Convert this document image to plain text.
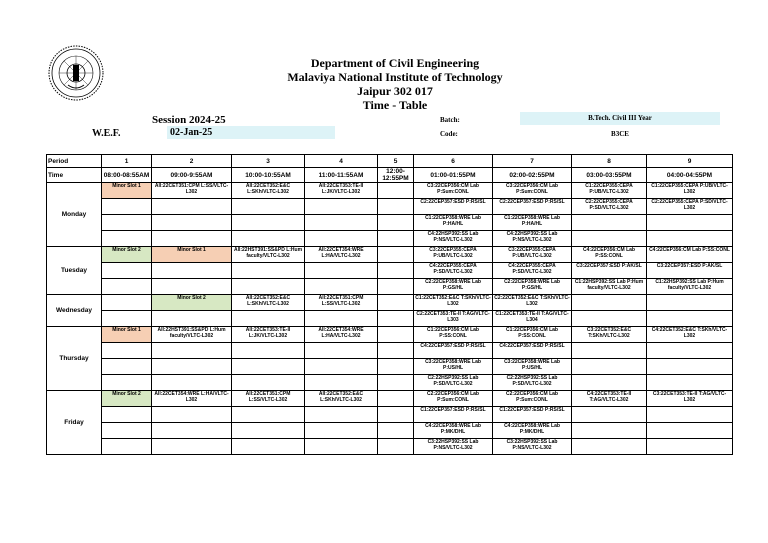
Department of Civil Engineering
Malaviya National Institute of Technology
Jaipur 302 017
Time - Table
Session 2024-25
W.E.F.	02-Jan-25
Batch:	B.Tech. Civil III Year
Code:	B3CE
Period	1	2	3	4	5	6	7	8	9
Time	08:00-08:55AM	09:00-9:55AM	10:00-10:55AM	11:00-11:55AM	12:00-12:55PM	01:00-01:55PM	02:00-02:55PM	03:00-03:55PM	04:00-04:55PM
Monday	Minor Slot 1	All:22CET351:CPM L:SS/VLTC-L302	All:22CET352:E&C L:SKh/VLTC-L302	All:22CET353:TE-II L:JK/VLTC-L302		C3:22CEP356:CM Lab P:Sum:CONL	C3:22CEP356:CM Lab P:Sum:CONL	C1:22CEP355:CEPA P:UB/VLTC-L302	C1:22CEP355:CEPA P:UB/VLTC-L302
						C2:22CEP357:ESD P:RS/SL	C2:22CEP357:ESD P:RS/SL	C2:22CEP355:CEPA P:SD/VLTC-L302	C2:22CEP355:CEPA P:SD/VLTC-L302
						C1:22CEP358:WRE Lab P:HA/HL	C1:22CEP358:WRE Lab P:HA/HL		
						C4:22HSP392:SS Lab P:NS/VLTC-L302	C4:22HSP392:SS Lab P:NS/VLTC-L302		
Tuesday	Minor Slot 2	Minor Slot 1	All:22HST391:SS&PD L:Hum faculty/VLTC-L302	All:22CET354:WRE L:HA/VLTC-L302		C3:22CEP355:CEPA P:UB/VLTC-L302	C3:22CEP355:CEPA P:UB/VLTC-L302	C4:22CEP356:CM Lab P:SS:CONL	C4:22CEP356:CM Lab P:SS:CONL
						C4:22CEP355:CEPA P:SD/VLTC-L302	C4:22CEP355:CEPA P:SD/VLTC-L302	C3:22CEP357:ESD P:AK/SL	C3:22CEP357:ESD P:AK/SL
						C2:22CEP358:WRE Lab P:GS/HL	C2:22CEP358:WRE Lab P:GS/HL	C1:22HSP392:SS Lab P:Hum faculty/VLTC-L302	C1:22HSP392:SS Lab P:Hum faculty/VLTC-L302
Wednesday		Minor Slot 2	All:22CET352:E&C L:SKh/VLTC-L302	All:22CET351:CPM L:SS/VLTC-L302		C1:22CET352:E&C T:SKh/VLTC-L302	C2:22CET352:E&C T:SKh/VLTC-L302		
						C2:22CET353:TE-II T:AG/VLTC-L303	C1:22CET353:TE-II T:AG/VLTC-L304		
Thursday	Minor Slot 1	All:22HST391:SS&PD L:Hum faculty/VLTC-L302	All:22CET353:TE-II L:JK/VLTC-L302	All:22CET354:WRE L:HA/VLTC-L302		C1:22CEP356:CM Lab P:SS:CONL	C1:22CEP356:CM Lab P:SS:CONL	C3:22CET352:E&C T:SKh/VLTC-L302	C4:22CET352:E&C T:SKh/VLTC-L302
						C4:22CEP357:ESD P:RS/SL	C4:22CEP357:ESD P:RS/SL		
						C3:22CEP358:WRE Lab P:US/HL	C3:22CEP358:WRE Lab P:US/HL		
						C2:22HSP392:SS Lab P:SD/VLTC-L302	C2:22HSP392:SS Lab P:SD/VLTC-L302		
Friday	Minor Slot 2	All:22CET354:WRE L:HA/VLTC-L302	All:22CET351:CPM L:SS/VLTC-L302	All:22CET352:E&C L:SKh/VLTC-L302		C2:22CEP356:CM Lab P:Sum:CONL	C2:22CEP356:CM Lab P:Sum:CONL	C4:22CET353:TE-II T:AG/VLTC-L302	C3:22CET353:TE-II T:AG/VLTC-L302
						C1:22CEP357:ESD P:RS/SL	C1:22CEP357:ESD P:RS/SL		
						C4:22CEP358:WRE Lab P:MK/DHL	C4:22CEP358:WRE Lab P:MK/DHL		
						C3:22HSP392:SS Lab P:NS/VLTC-L302	C3:22HSP392:SS Lab P:NS/VLTC-L302		
